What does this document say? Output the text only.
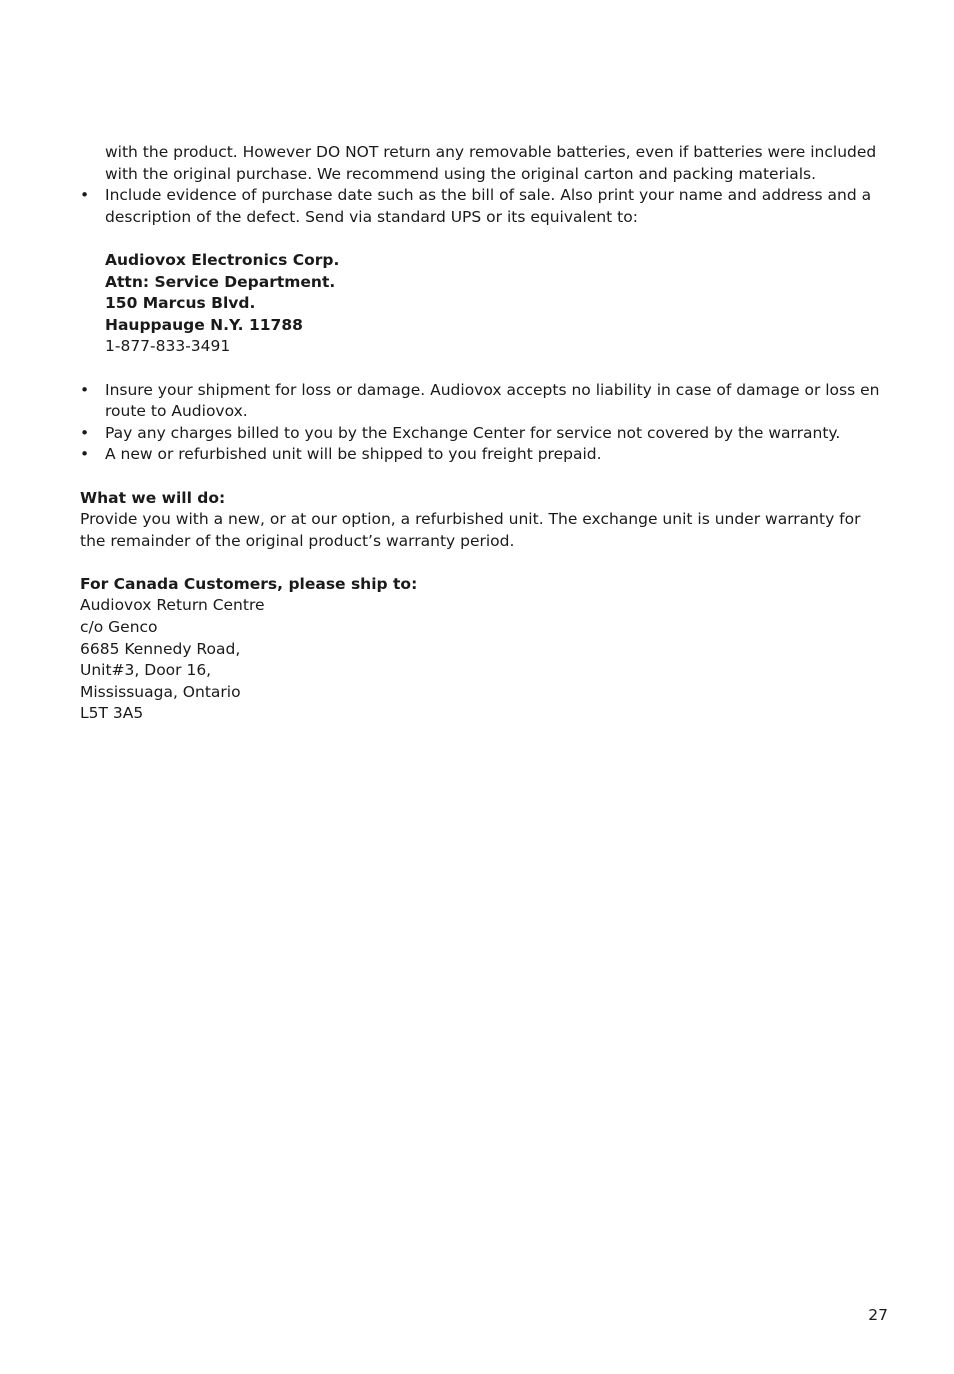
with the product. However DO NOT return any removable batteries, even if batteries were included
with the original purchase. We recommend using the original carton and packing materials.
•	Include evidence of purchase date such as the bill of sale. Also print your name and address and a description of the defect. Send via standard UPS or its equivalent to:
Audiovox Electronics Corp.
Attn: Service Department.
150 Marcus Blvd.
Hauppauge N.Y. 11788
1-877-833-3491
•	Insure your shipment for loss or damage. Audiovox accepts no liability in case of damage or loss en route to Audiovox.
•	Pay any charges billed to you by the Exchange Center for service not covered by the warranty.
•	A new or refurbished unit will be shipped to you freight prepaid.
What we will do:
Provide you with a new, or at our option, a refurbished unit. The exchange unit is under warranty for the remainder of the original product’s warranty period.
For Canada Customers, please ship to:
Audiovox Return Centre
c/o Genco
6685 Kennedy Road,
Unit#3, Door 16,
Mississuaga, Ontario
L5T 3A5
27
